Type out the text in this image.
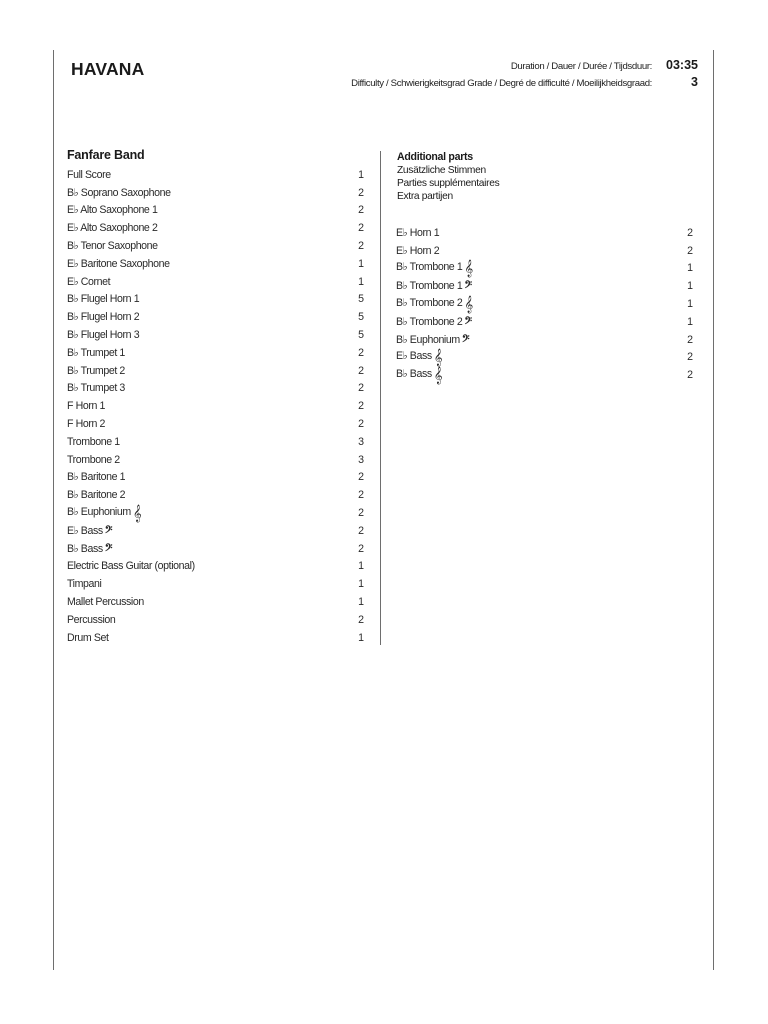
HAVANA	Duration / Dauer / Durée / Tijdsduur:	03:35
Difficulty / Schwierigkeitsgrad Grade / Degré de difficulté / Moeilijkheidsgraad:	3
Fanfare Band
Full Score	1
B♭ Soprano Saxophone	2
E♭ Alto Saxophone 1	2
E♭ Alto Saxophone 2	2
B♭ Tenor Saxophone	2
E♭ Baritone Saxophone	1
E♭ Cornet	1
B♭ Flugel Horn 1	5
B♭ Flugel Horn 2	5
B♭ Flugel Horn 3	5
B♭ Trumpet 1	2
B♭ Trumpet 2	2
B♭ Trumpet 3	2
F Horn 1	2
F Horn 2	2
Trombone 1	3
Trombone 2	3
B♭ Baritone 1	2
B♭ Baritone 2	2
B♭ Euphonium 𝄞	2
E♭ Bass 𝄢	2
B♭ Bass 𝄢	2
Electric Bass Guitar (optional)	1
Timpani	1
Mallet Percussion	1
Percussion	2
Drum Set	1
Additional parts
Zusätzliche Stimmen
Parties supplémentaires
Extra partijen
E♭ Horn 1	2
E♭ Horn 2	2
B♭ Trombone 1 𝄞	1
B♭ Trombone 1 𝄢	1
B♭ Trombone 2 𝄞	1
B♭ Trombone 2 𝄢	1
B♭ Euphonium 𝄢	2
E♭ Bass 𝄞	2
B♭ Bass 𝄞	2
